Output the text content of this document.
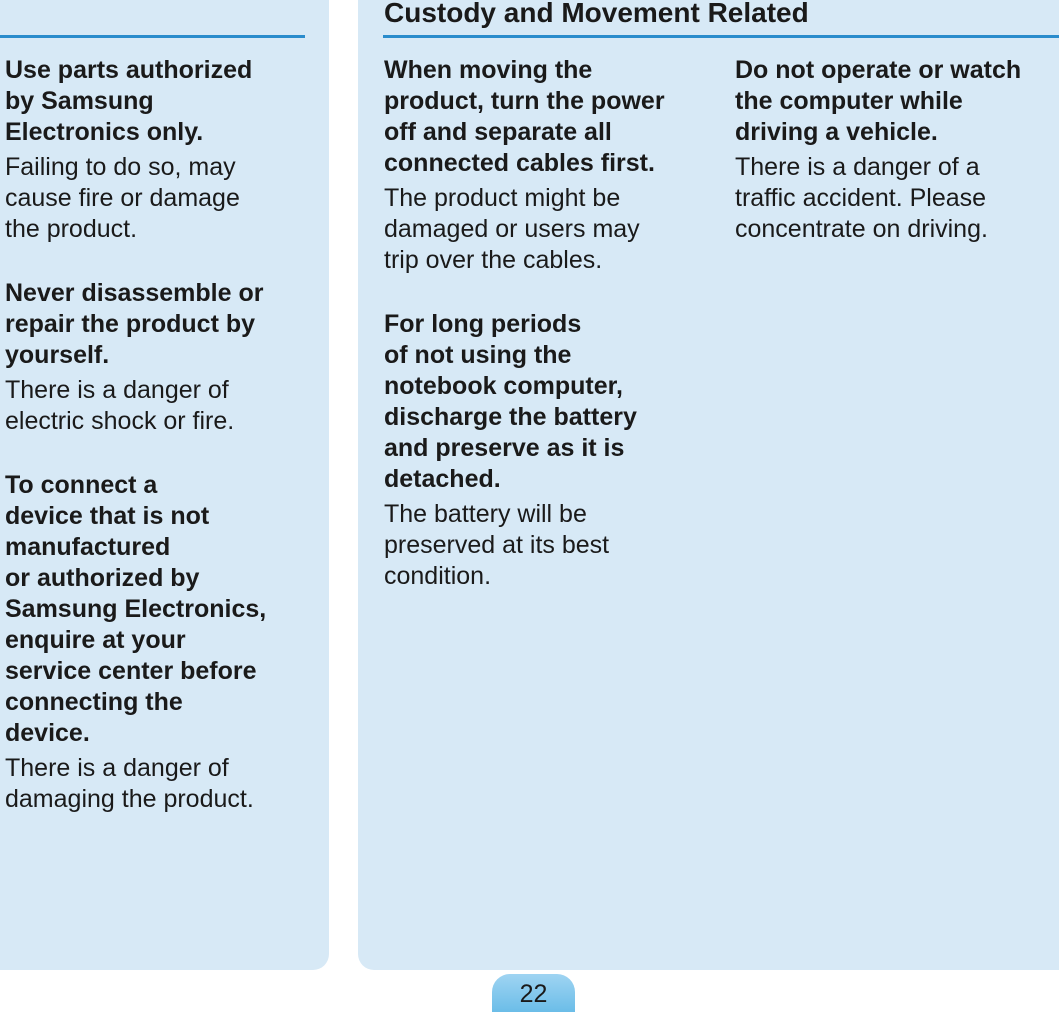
Custody and Movement Related

Use parts authorized
by Samsung
Electronics only.

Failing to do so, may
cause fire or damage
the product.

Never disassemble or
repair the product by
yourself.

There is a danger of
electric shock or fire.

To connect a
device that is not
manufactured
or authorized by
Samsung Electronics,
enquire at your
service center before
connecting the
device.

There is a danger of
damaging the product.

When moving the
product, turn the power
off and separate all
connected cables first.

The product might be
damaged or users may
trip over the cables.

For long periods
of not using the
notebook computer,
discharge the battery
and preserve as it is
detached.

The battery will be
preserved at its best
condition.

Do not operate or watch
the computer while
driving a vehicle.

There is a danger of a
traffic accident. Please
concentrate on driving.

22
